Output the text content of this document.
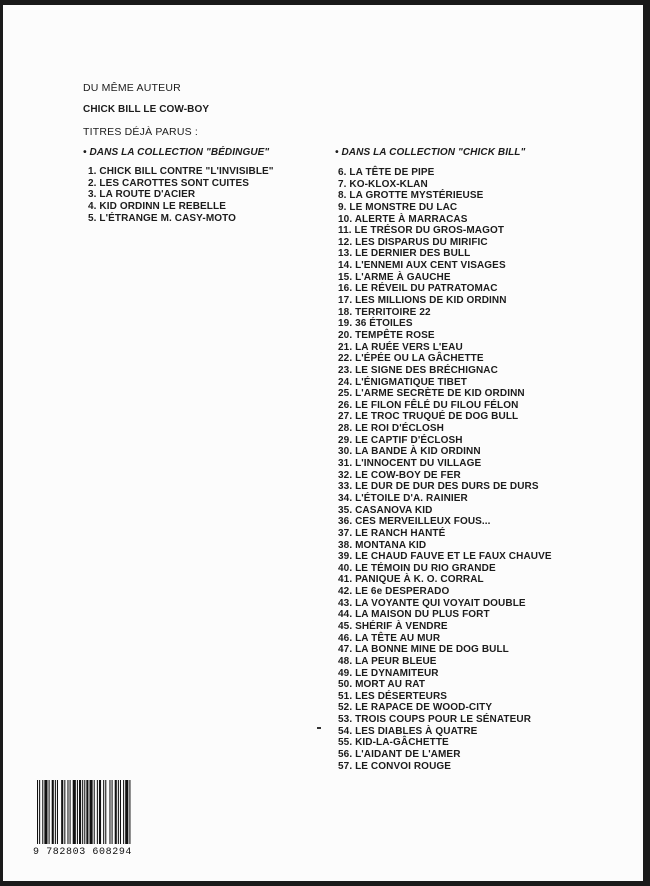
DU MÊME AUTEUR

CHICK BILL LE COW-BOY

TITRES DÉJÀ PARUS :

• DANS LA COLLECTION "BÉDINGUE"

1. CHICK BILL CONTRE "L'INVISIBLE"
2. LES CAROTTES SONT CUITES
3. LA ROUTE D'ACIER
4. KID ORDINN LE REBELLE
5. L'ÉTRANGE M. CASY-MOTO

• DANS LA COLLECTION "CHICK BILL"

6. LA TÊTE DE PIPE
7. KO-KLOX-KLAN
8. LA GROTTE MYSTÉRIEUSE
9. LE MONSTRE DU LAC
10. ALERTE À MARRACAS
11. LE TRÉSOR DU GROS-MAGOT
12. LES DISPARUS DU MIRIFIC
13. LE DERNIER DES BULL
14. L'ENNEMI AUX CENT VISAGES
15. L'ARME À GAUCHE
16. LE RÉVEIL DU PATRATOMAC
17. LES MILLIONS DE KID ORDINN
18. TERRITOIRE 22
19. 36 ÉTOILES
20. TEMPÊTE ROSE
21. LA RUÉE VERS L'EAU
22. L'ÉPÉE OU LA GÂCHETTE
23. LE SIGNE DES BRÉCHIGNAC
24. L'ÉNIGMATIQUE TIBET
25. L'ARME SECRÈTE DE KID ORDINN
26. LE FILON FÊLÉ DU FILOU FÉLON
27. LE TROC TRUQUÉ DE DOG BULL
28. LE ROI D'ÉCLOSH
29. LE CAPTIF D'ÉCLOSH
30. LA BANDE À KID ORDINN
31. L'INNOCENT DU VILLAGE
32. LE COW-BOY DE FER
33. LE DUR DE DUR DES DURS DE DURS
34. L'ÉTOILE D'A. RAINIER
35. CASANOVA KID
36. CES MERVEILLEUX FOUS...
37. LE RANCH HANTÉ
38. MONTANA KID
39. LE CHAUD FAUVE ET LE FAUX CHAUVE
40. LE TÉMOIN DU RIO GRANDE
41. PANIQUE À K. O. CORRAL
42. LE 6e DESPERADO
43. LA VOYANTE QUI VOYAIT DOUBLE
44. LA MAISON DU PLUS FORT
45. SHÉRIF À VENDRE
46. LA TÊTE AU MUR
47. LA BONNE MINE DE DOG BULL
48. LA PEUR BLEUE
49. LE DYNAMITEUR
50. MORT AU RAT
51. LES DÉSERTEURS
52. LE RAPACE DE WOOD-CITY
53. TROIS COUPS POUR LE SÉNATEUR
54. LES DIABLES À QUATRE
55. KID-LA-GÂCHETTE
56. L'AIDANT DE L'AMER
57. LE CONVOI ROUGE
9 782803 608294
